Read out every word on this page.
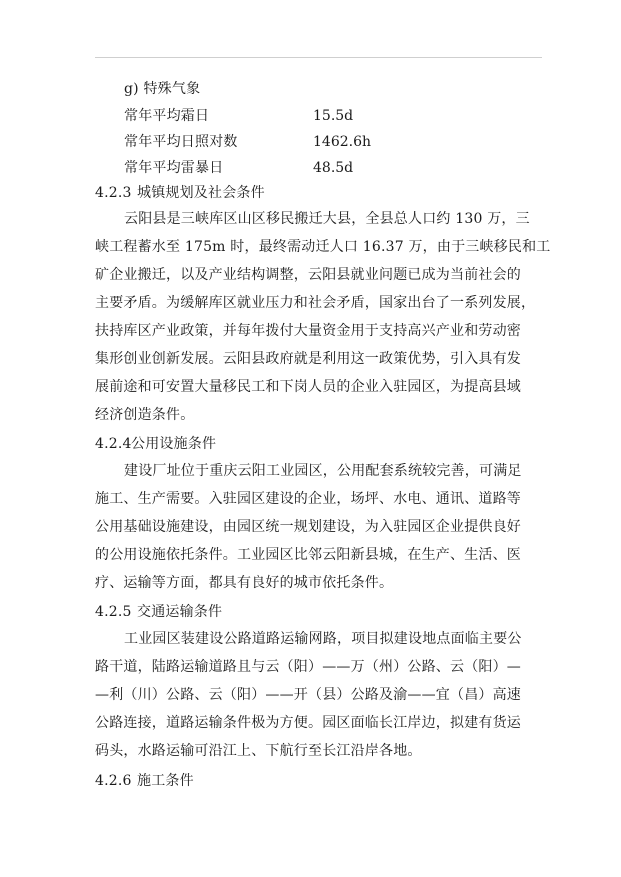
g) 特殊气象
常年平均霜日	15.5d
常年平均日照对数	1462.6h
常年平均雷暴日	48.5d
4.2.3 城镇规划及社会条件
云阳县是三峡库区山区移民搬迁大县，全县总人口约 130 万，三
峡工程蓄水至 175m 时，最终需动迁人口 16.37 万，由于三峡移民和工
矿企业搬迁，以及产业结构调整，云阳县就业问题已成为当前社会的
主要矛盾。为缓解库区就业压力和社会矛盾，国家出台了一系列发展，
扶持库区产业政策，并每年拨付大量资金用于支持高兴产业和劳动密
集形创业创新发展。云阳县政府就是利用这一政策优势，引入具有发
展前途和可安置大量移民工和下岗人员的企业入驻园区，为提高县域
经济创造条件。
4.2.4公用设施条件
建设厂址位于重庆云阳工业园区，公用配套系统较完善，可满足
施工、生产需要。入驻园区建设的企业，场坪、水电、通讯、道路等
公用基础设施建设，由园区统一规划建设，为入驻园区企业提供良好
的公用设施依托条件。工业园区比邻云阳新县城，在生产、生活、医
疗、运输等方面，都具有良好的城市依托条件。
4.2.5 交通运输条件
工业园区装建设公路道路运输网路，项目拟建设地点面临主要公
路干道，陆路运输道路且与云（阳）——万（州）公路、云（阳）—
—利（川）公路、云（阳）——开（县）公路及渝——宜（昌）高速
公路连接，道路运输条件极为方便。园区面临长江岸边，拟建有货运
码头，水路运输可沿江上、下航行至长江沿岸各地。
4.2.6 施工条件
